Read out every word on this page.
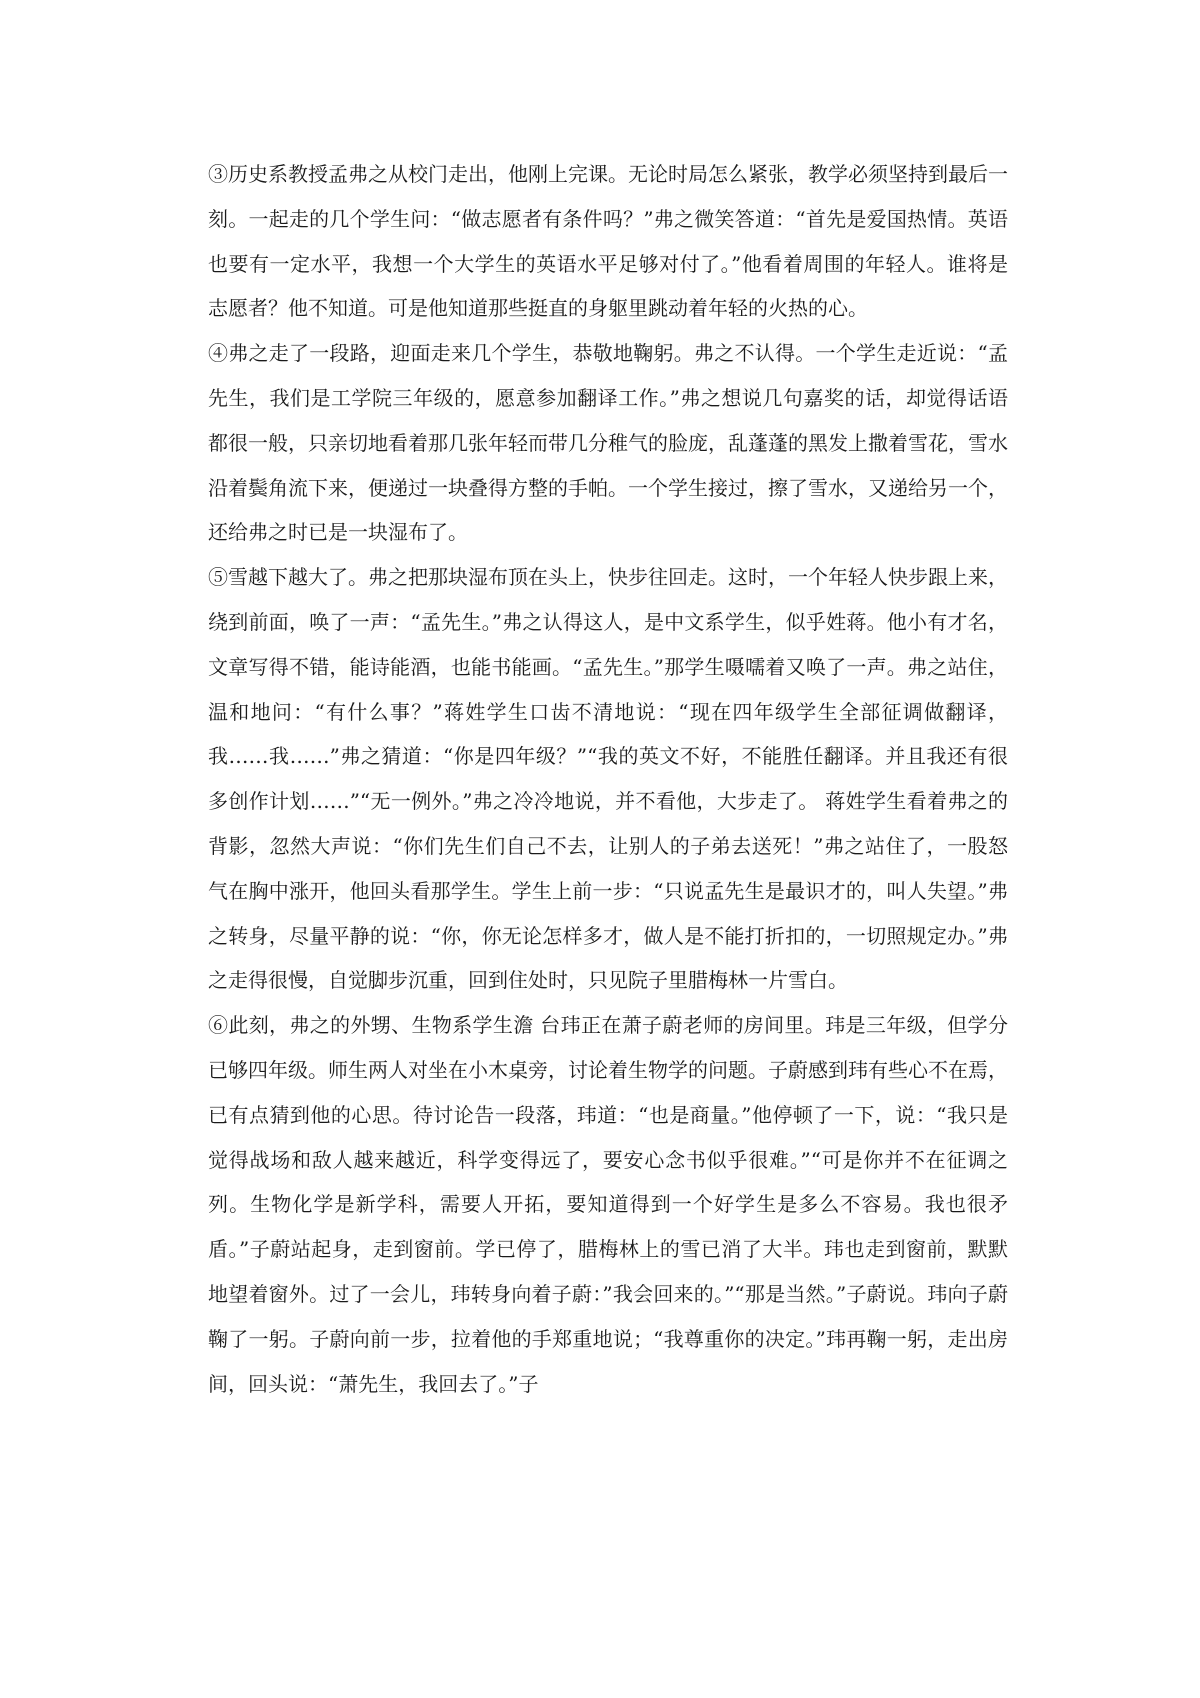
③历史系教授孟弗之从校门走出，他刚上完课。无论时局怎么紧张，教学必须坚持到最后一刻。一起走的几个学生问：“做志愿者有条件吗？”弗之微笑答道：“首先是爱国热情。英语也要有一定水平，我想一个大学生的英语水平足够对付了。”他看着周围的年轻人。谁将是志愿者？他不知道。可是他知道那些挺直的身躯里跳动着年轻的火热的心。

④弗之走了一段路，迎面走来几个学生，恭敬地鞠躬。弗之不认得。一个学生走近说：“孟先生，我们是工学院三年级的，愿意参加翻译工作。”弗之想说几句嘉奖的话，却觉得话语都很一般，只亲切地看着那几张年轻而带几分稚气的脸庞，乱蓬蓬的黑发上撒着雪花，雪水沿着鬓角流下来，便递过一块叠得方整的手帕。一个学生接过，擦了雪水，又递给另一个，还给弗之时已是一块湿布了。

⑤雪越下越大了。弗之把那块湿布顶在头上，快步往回走。这时，一个年轻人快步跟上来，绕到前面，唤了一声：“孟先生。”弗之认得这人，是中文系学生，似乎姓蒋。他小有才名，文章写得不错，能诗能酒，也能书能画。“孟先生。”那学生嗫嚅着又唤了一声。弗之站住，温和地问：“有什么事？”蒋姓学生口齿不清地说：“现在四年级学生全部征调做翻译，我……我……”弗之猜道：“你是四年级？”“我的英文不好，不能胜任翻译。并且我还有很多创作计划……”“无一例外。”弗之冷冷地说，并不看他，大步走了。 蒋姓学生看着弗之的背影，忽然大声说：“你们先生们自己不去，让别人的子弟去送死！”弗之站住了，一股怒气在胸中涨开，他回头看那学生。学生上前一步：“只说孟先生是最识才的，叫人失望。”弗之转身，尽量平静的说：“你，你无论怎样多才，做人是不能打折扣的，一切照规定办。”弗之走得很慢，自觉脚步沉重，回到住处时，只见院子里腊梅林一片雪白。

⑥此刻，弗之的外甥、生物系学生澹 台玮正在萧子蔚老师的房间里。玮是三年级，但学分已够四年级。师生两人对坐在小木桌旁，讨论着生物学的问题。子蔚感到玮有些心不在焉，已有点猜到他的心思。待讨论告一段落，玮道：“也是商量。”他停顿了一下，说：“我只是觉得战场和敌人越来越近，科学变得远了，要安心念书似乎很难。”“可是你并不在征调之列。生物化学是新学科，需要人开拓，要知道得到一个好学生是多么不容易。我也很矛盾。”子蔚站起身，走到窗前。学已停了，腊梅林上的雪已消了大半。玮也走到窗前，默默地望着窗外。过了一会儿，玮转身向着子蔚：”我会回来的。”“那是当然。”子蔚说。玮向子蔚鞠了一躬。子蔚向前一步，拉着他的手郑重地说；“我尊重你的决定。”玮再鞠一躬，走出房间，回头说：“萧先生，我回去了。”子
